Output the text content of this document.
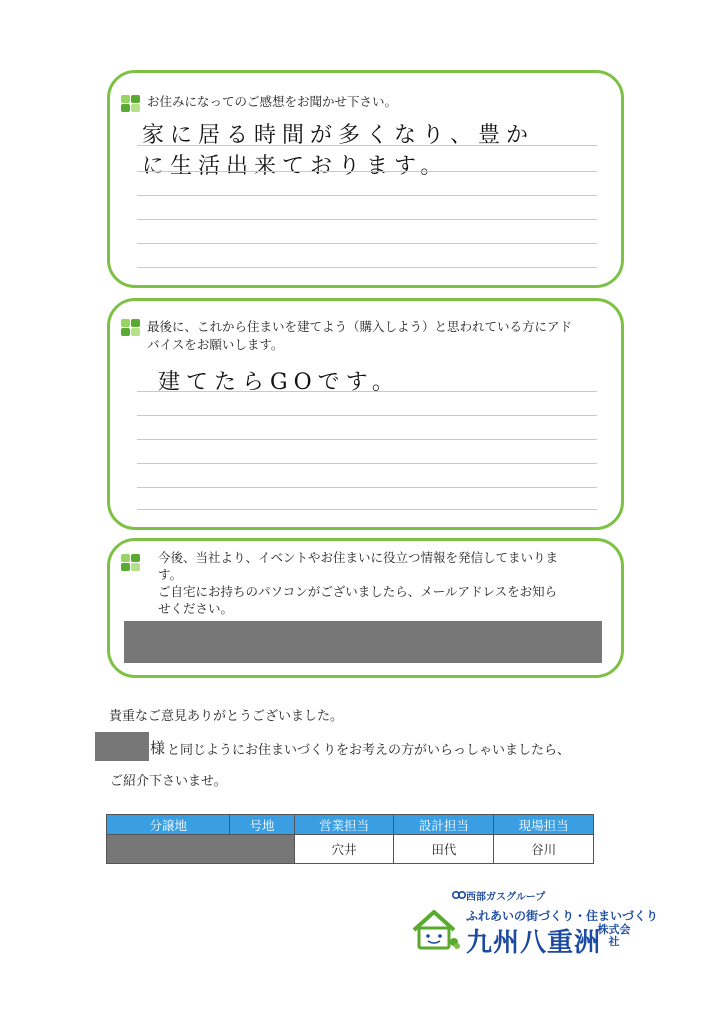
お住みになってのご感想をお聞かせ下さい。
家に居る時間が多くなり、豊か
に生活出来ております。
最後に、これから住まいを建てよう（購入しよう）と思われている方にアド
バイスをお願いします。
建てたらGOです。
今後、当社より、イベントやお住まいに役立つ情報を発信してまいりま
す。
ご自宅にお持ちのパソコンがございましたら、メールアドレスをお知ら
せください。
貴重なご意見ありがとうございました。
様 と同じようにお住まいづくりをお考えの方がいらっしゃいましたら、
ご紹介下さいませ。
分譲地	号地	営業担当	設計担当	現場担当
		穴井	田代	谷川
西部ガスグループ
ふれあいの街づくり・住まいづくり
九州八重洲
株式会社
